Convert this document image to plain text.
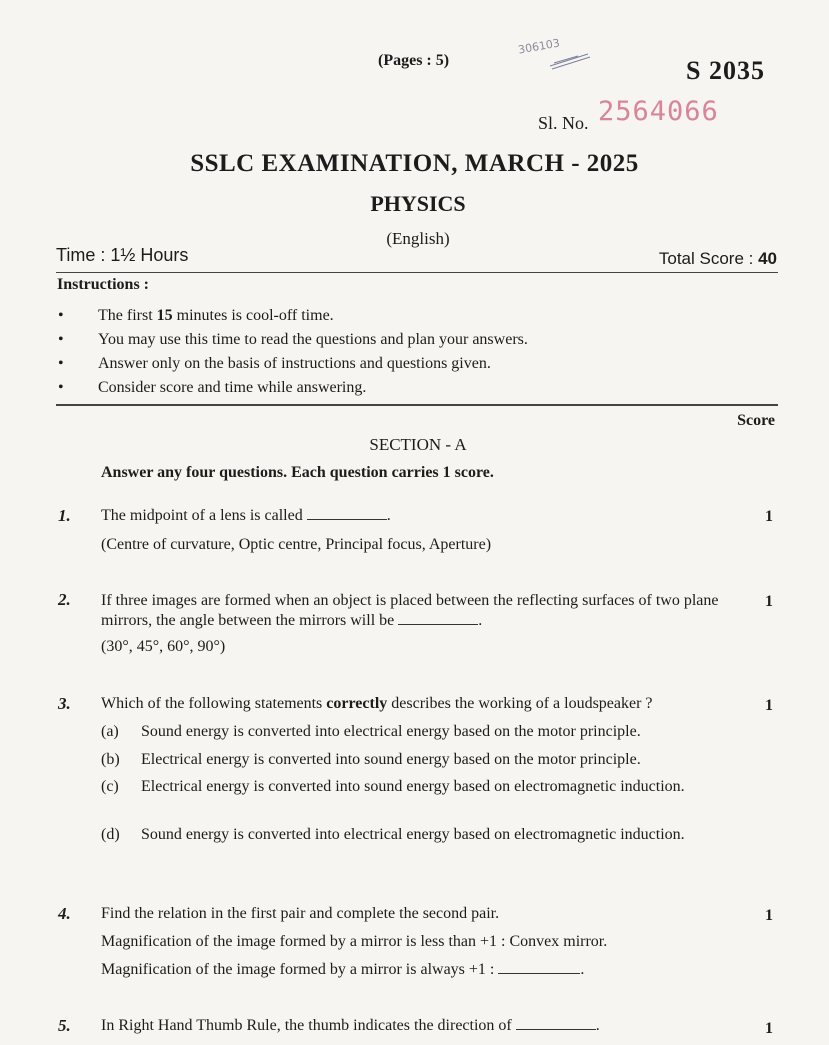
(Pages : 5)
306103
S 2035
Sl. No. 2564066
SSLC EXAMINATION, MARCH - 2025
PHYSICS
(English)
Time : 1½ Hours	Total Score : 40
Instructions :
• The first 15 minutes is cool-off time.
• You may use this time to read the questions and plan your answers.
• Answer only on the basis of instructions and questions given.
• Consider score and time while answering.
Score
SECTION - A
Answer any four questions. Each question carries 1 score.
1. The midpoint of a lens is called	.
(Centre of curvature, Optic centre, Principal focus, Aperture)
1
2. If three images are formed when an object is placed between the reflecting surfaces of two plane mirrors, the angle between the mirrors will be	.
(30°, 45°, 60°, 90°)
1
3. Which of the following statements correctly describes the working of a loudspeaker ?	1
(a)	Sound energy is converted into electrical energy based on the motor principle.
(b)	Electrical energy is converted into sound energy based on the motor principle.
(c)	Electrical energy is converted into sound energy based on electromagnetic induction.
(d)	Sound energy is converted into electrical energy based on electromagnetic induction.
4. Find the relation in the first pair and complete the second pair.
Magnification of the image formed by a mirror is less than +1 : Convex mirror.
Magnification of the image formed by a mirror is always +1 :	.
1
5. In Right Hand Thumb Rule, the thumb indicates the direction of	.	1
